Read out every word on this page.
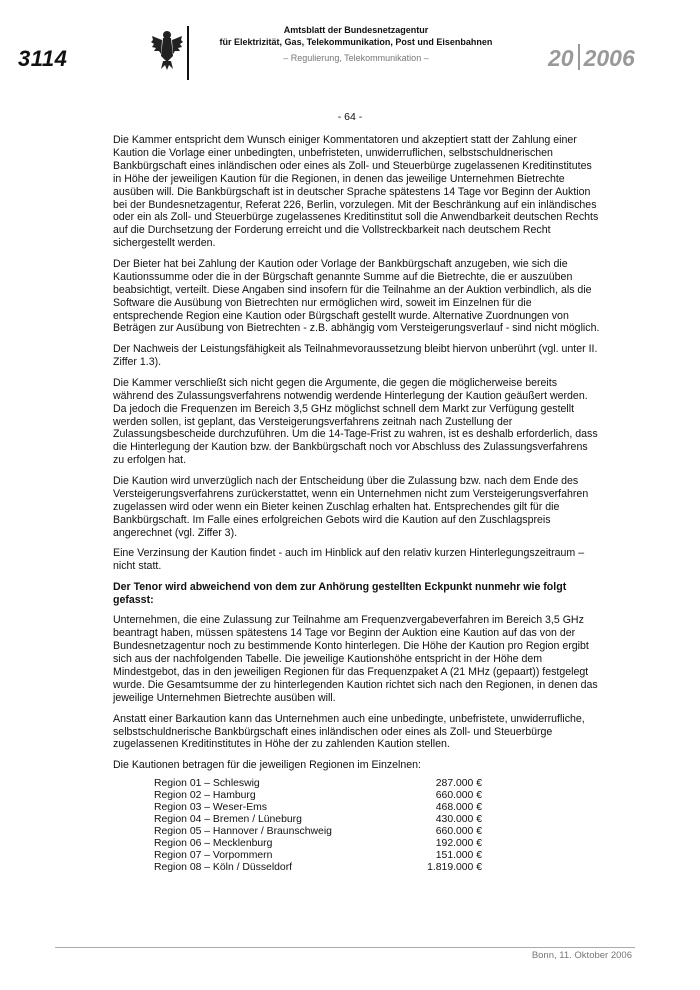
3114
Amtsblatt der Bundesnetzagentur
für Elektrizität, Gas, Telekommunikation, Post und Eisenbahnen
– Regulierung, Telekommunikation –	20 2006
- 64 -

Die Kammer entspricht dem Wunsch einiger Kommentatoren und akzeptiert statt der Zahlung einer Kaution die Vorlage einer unbedingten, unbefristeten, unwiderruflichen, selbstschuldnerischen Bankbürgschaft eines inländischen oder eines als Zoll- und Steuerbürge zugelassenen Kreditinstitutes in Höhe der jeweiligen Kaution für die Regionen, in denen das jeweilige Unternehmen Bietrechte ausüben will. Die Bankbürgschaft ist in deutscher Sprache spätestens 14 Tage vor Beginn der Auktion bei der Bundesnetzagentur, Referat 226, Berlin, vorzulegen. Mit der Beschränkung auf ein inländisches oder ein als Zoll- und Steuerbürge zugelassenes Kreditinstitut soll die Anwendbarkeit deutschen Rechts auf die Durchsetzung der Forderung erreicht und die Vollstreckbarkeit nach deutschem Recht sichergestellt werden.

Der Bieter hat bei Zahlung der Kaution oder Vorlage der Bankbürgschaft anzugeben, wie sich die Kautionssumme oder die in der Bürgschaft genannte Summe auf die Bietrechte, die er auszuüben beabsichtigt, verteilt. Diese Angaben sind insofern für die Teilnahme an der Auktion verbindlich, als die Software die Ausübung von Bietrechten nur ermöglichen wird, soweit im Einzelnen für die entsprechende Region eine Kaution oder Bürgschaft gestellt wurde. Alternative Zuordnungen von Beträgen zur Ausübung von Bietrechten - z.B. abhängig vom Versteigerungsverlauf - sind nicht möglich.

Der Nachweis der Leistungsfähigkeit als Teilnahmevoraussetzung bleibt hiervon unberührt (vgl. unter II. Ziffer 1.3).

Die Kammer verschließt sich nicht gegen die Argumente, die gegen die möglicherweise bereits während des Zulassungsverfahrens notwendig werdende Hinterlegung der Kaution geäußert werden. Da jedoch die Frequenzen im Bereich 3,5 GHz möglichst schnell dem Markt zur Verfügung gestellt werden sollen, ist geplant, das Versteigerungsverfahrens zeitnah nach Zustellung der Zulassungsbescheide durchzuführen. Um die 14-Tage-Frist zu wahren, ist es deshalb erforderlich, dass die Hinterlegung der Kaution bzw. der Bankbürgschaft noch vor Abschluss des Zulassungsverfahrens zu erfolgen hat.

Die Kaution wird unverzüglich nach der Entscheidung über die Zulassung bzw. nach dem Ende des Versteigerungsverfahrens zurückerstattet, wenn ein Unternehmen nicht zum Versteigerungsverfahren zugelassen wird oder wenn ein Bieter keinen Zuschlag erhalten hat. Entsprechendes gilt für die Bankbürgschaft. Im Falle eines erfolgreichen Gebots wird die Kaution auf den Zuschlagspreis angerechnet (vgl. Ziffer 3).

Eine Verzinsung der Kaution findet - auch im Hinblick auf den relativ kurzen Hinterlegungszeitraum – nicht statt.

Der Tenor wird abweichend von dem zur Anhörung gestellten Eckpunkt nunmehr wie folgt gefasst:

Unternehmen, die eine Zulassung zur Teilnahme am Frequenzvergabeverfahren im Bereich 3,5 GHz beantragt haben, müssen spätestens 14 Tage vor Beginn der Auktion eine Kaution auf das von der Bundesnetzagentur noch zu bestimmende Konto hinterlegen. Die Höhe der Kaution pro Region ergibt sich aus der nachfolgenden Tabelle. Die jeweilige Kautionshöhe entspricht in der Höhe dem Mindestgebot, das in den jeweiligen Regionen für das Frequenzpaket A (21 MHz (gepaart)) festgelegt wurde. Die Gesamtsumme der zu hinterlegenden Kaution richtet sich nach den Regionen, in denen das jeweilige Unternehmen Bietrechte ausüben will.

Anstatt einer Barkaution kann das Unternehmen auch eine unbedingte, unbefristete, unwiderrufliche, selbstschuldnerische Bankbürgschaft eines inländischen oder eines als Zoll- und Steuerbürge zugelassenen Kreditinstitutes in Höhe der zu zahlenden Kaution stellen.

Die Kautionen betragen für die jeweiligen Regionen im Einzelnen:

Region 01 – Schleswig	287.000 €
Region 02 – Hamburg	660.000 €
Region 03 – Weser-Ems	468.000 €
Region 04 – Bremen / Lüneburg	430.000 €
Region 05 – Hannover / Braunschweig	660.000 €
Region 06 – Mecklenburg	192.000 €
Region 07 – Vorpommern	151.000 €
Region 08 – Köln / Düsseldorf	1.819.000 €
Bonn, 11. Oktober 2006
